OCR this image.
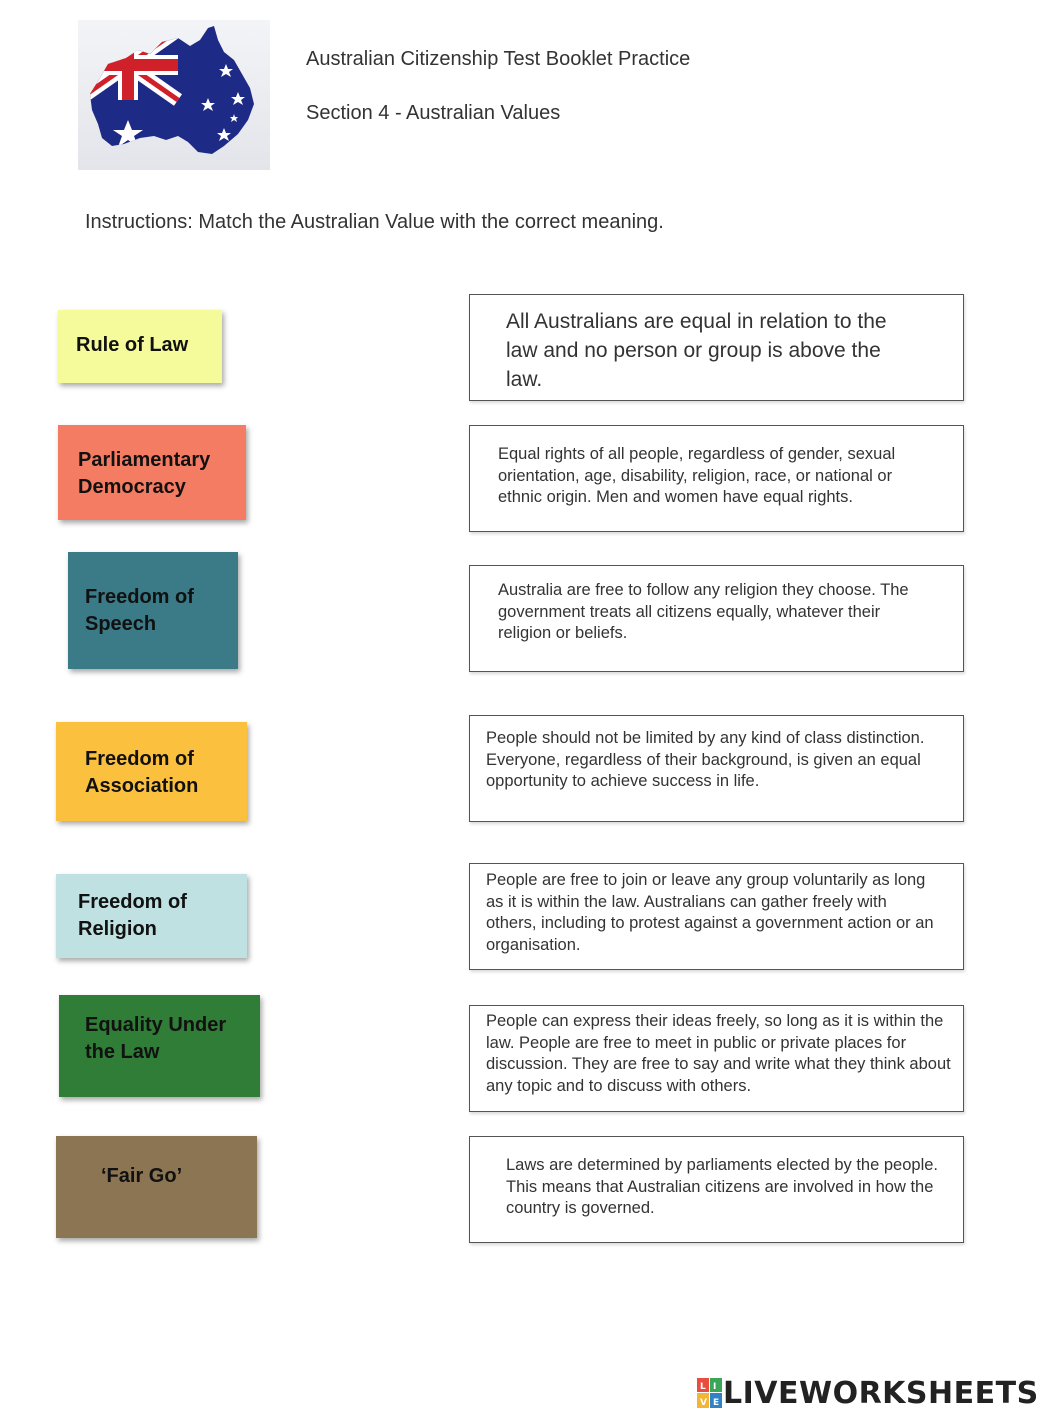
Australian Citizenship Test Booklet Practice
Section 4 - Australian Values
Instructions: Match the Australian Value with the correct meaning.
Rule of Law
Parliamentary Democracy
Freedom of Speech
Freedom of Association
Freedom of Religion
Equality Under the Law
‘Fair Go’

All Australians are equal in relation to the law and no person or group is above the law.

Equal rights of all people, regardless of gender, sexual orientation, age, disability, religion, race, or national or ethnic origin. Men and women have equal rights.

Australia are free to follow any religion they choose. The government treats all citizens equally, whatever their religion or beliefs.

People should not be limited by any kind of class distinction. Everyone, regardless of their background, is given an equal opportunity to achieve success in life.

People are free to join or leave any group voluntarily as long as it is within the law. Australians can gather freely with others, including to protest against a government action or an organisation.

People can express their ideas freely, so long as it is within the law. People are free to meet in public or private places for discussion. They are free to say and write what they think about any topic and to discuss with others.

Laws are determined by parliaments elected by the people. This means that Australian citizens are involved in how the country is governed.

L I
V E LIVEWORKSHEETS
